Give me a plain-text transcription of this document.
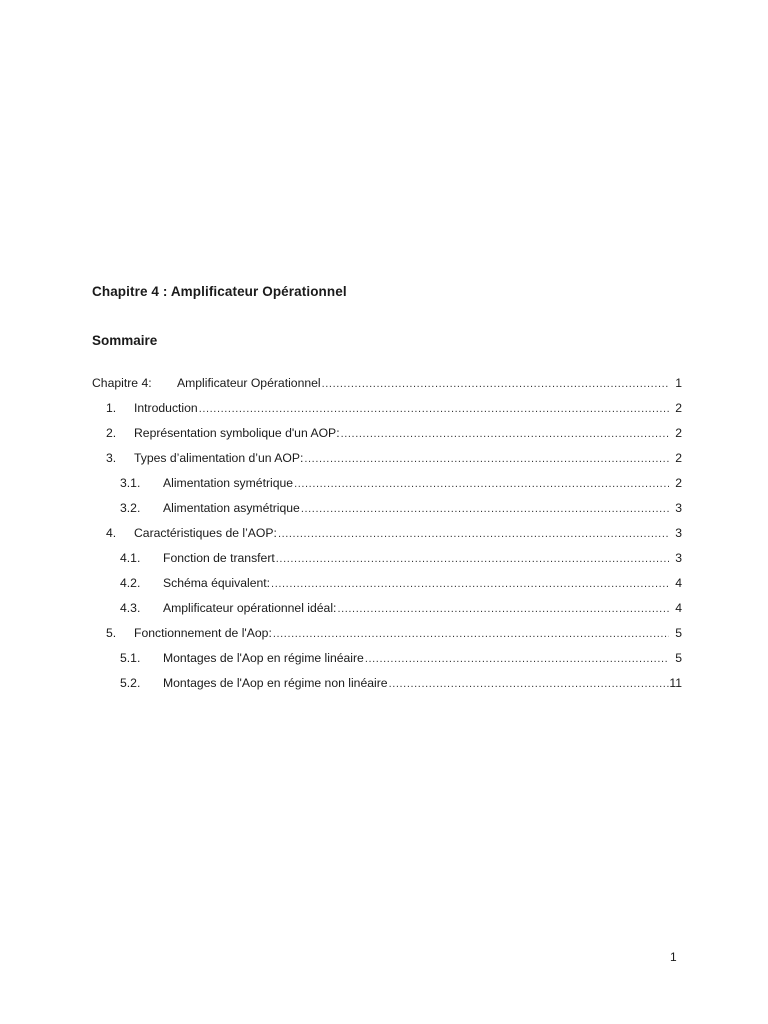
Chapitre 4 : Amplificateur Opérationnel
Sommaire
Chapitre 4:	Amplificateur Opérationnel .....	1
1.	Introduction .....	2
2.	Représentation symbolique d'un AOP: .....	2
3.	Types d’alimentation d’un AOP: .....	2
3.1.	Alimentation symétrique .....	2
3.2.	Alimentation asymétrique .....	3
4.	Caractéristiques de l’AOP: .....	3
4.1.	Fonction de transfert .....	3
4.2.	Schéma équivalent: .....	4
4.3.	Amplificateur opérationnel idéal: .....	4
5.	Fonctionnement de l'Aop: .....	5
5.1.	Montages de l'Aop en régime linéaire .....	5
5.2.	Montages de l'Aop en régime non linéaire .....	11
1
